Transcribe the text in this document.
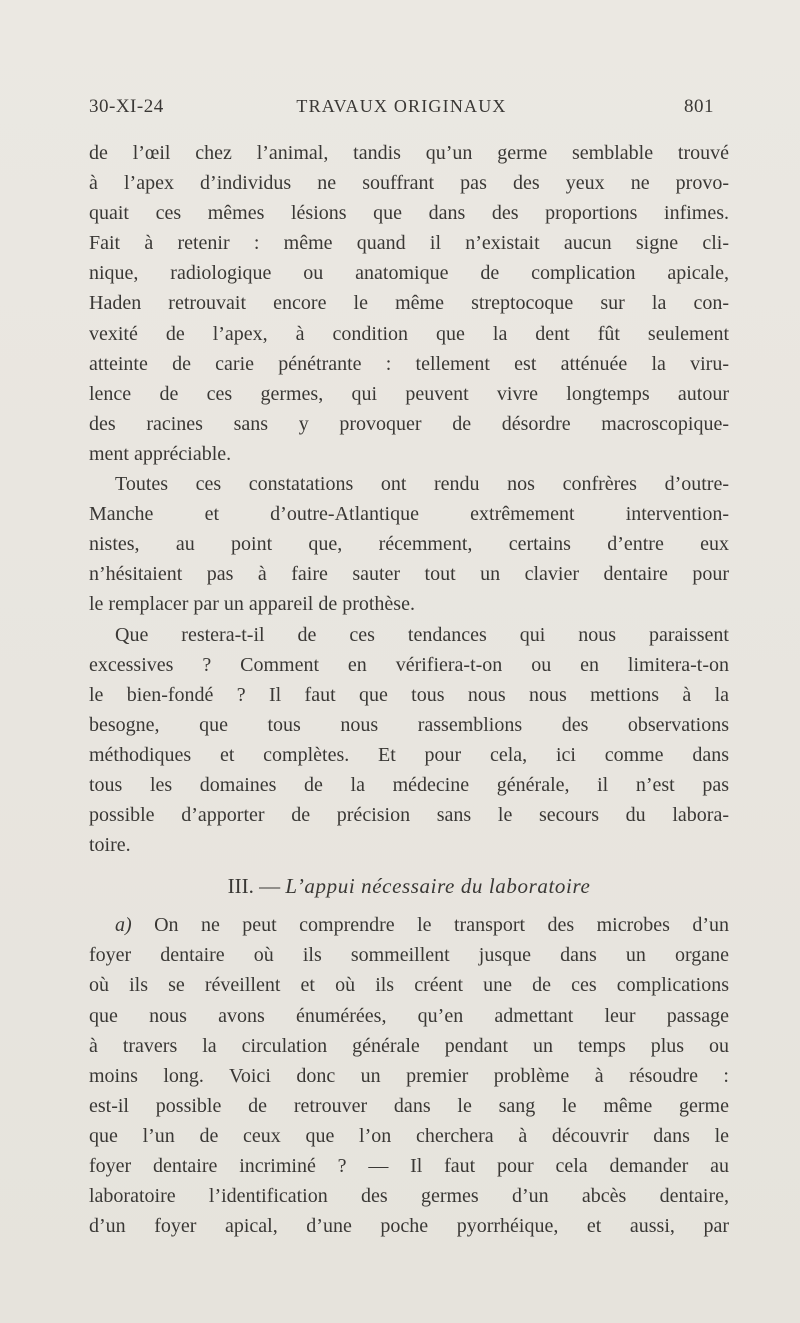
30-XI-24	TRAVAUX ORIGINAUX	801
de l’œil chez l’animal, tandis qu’un germe semblable trouvé
à l’apex d’individus ne souffrant pas des yeux ne provo-
quait ces mêmes lésions que dans des proportions infimes.
Fait à retenir : même quand il n’existait aucun signe cli-
nique, radiologique ou anatomique de complication apicale,
Haden retrouvait encore le même streptocoque sur la con-
vexité de l’apex, à condition que la dent fût seulement
atteinte de carie pénétrante : tellement est atténuée la viru-
lence de ces germes, qui peuvent vivre longtemps autour
des racines sans y provoquer de désordre macroscopique-
ment appréciable.
Toutes ces constatations ont rendu nos confrères d’outre-
Manche et d’outre-Atlantique extrêmement intervention-
nistes, au point que, récemment, certains d’entre eux
n’hésitaient pas à faire sauter tout un clavier dentaire pour
le remplacer par un appareil de prothèse.
Que restera-t-il de ces tendances qui nous paraissent
excessives ? Comment en vérifiera-t-on ou en limitera-t-on
le bien-fondé ? Il faut que tous nous nous mettions à la
besogne, que tous nous rassemblions des observations
méthodiques et complètes. Et pour cela, ici comme dans
tous les domaines de la médecine générale, il n’est pas
possible d’apporter de précision sans le secours du labora-
toire.
III. — L’appui nécessaire du laboratoire
a) On ne peut comprendre le transport des microbes d’un
foyer dentaire où ils sommeillent jusque dans un organe
où ils se réveillent et où ils créent une de ces complications
que nous avons énumérées, qu’en admettant leur passage
à travers la circulation générale pendant un temps plus ou
moins long. Voici donc un premier problème à résoudre :
est-il possible de retrouver dans le sang le même germe
que l’un de ceux que l’on cherchera à découvrir dans le
foyer dentaire incriminé ? — Il faut pour cela demander au
laboratoire l’identification des germes d’un abcès dentaire,
d’un foyer apical, d’une poche pyorrhéique, et aussi, par
